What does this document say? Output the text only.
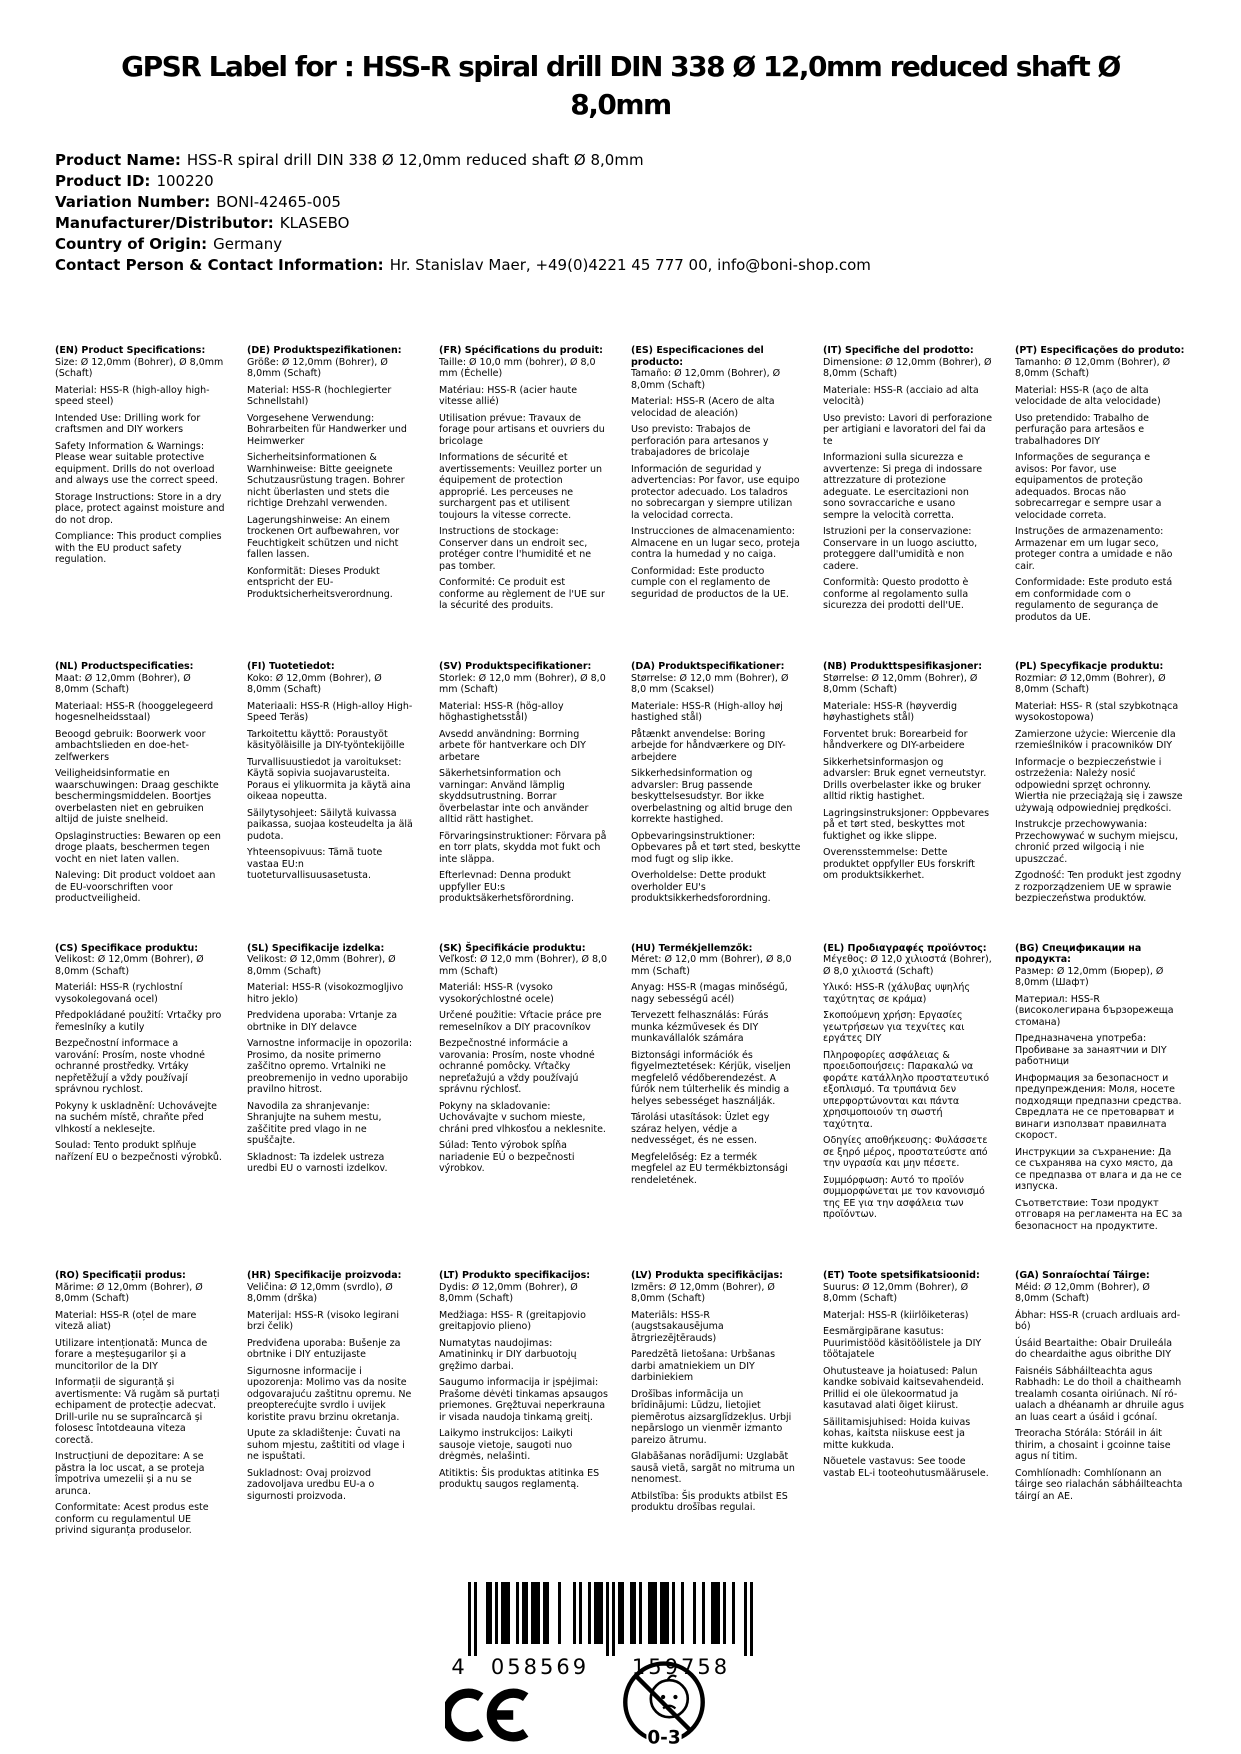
GPSR Label for : HSS-R spiral drill DIN 338 Ø 12,0mm reduced shaft Ø 8,0mm
Product Name: HSS-R spiral drill DIN 338 Ø 12,0mm reduced shaft Ø 8,0mm
Product ID: 100220
Variation Number: BONI-42465-005
Manufacturer/Distributor: KLASEBO
Country of Origin: Germany
Contact Person & Contact Information: Hr. Stanislav Maer, +49(0)4221 45 777 00, info@boni-shop.com
(EN) Product Specifications:

Size: Ø 12,0mm (Bohrer), Ø 8,0mm (Schaft)

Material: HSS-R (high-alloy high-speed steel)

Intended Use: Drilling work for craftsmen and DIY workers

Safety Information & Warnings: Please wear suitable protective equipment. Drills do not overload and always use the correct speed.

Storage Instructions: Store in a dry place, protect against moisture and do not drop.

Compliance: This product complies with the EU product safety regulation.

(DE) Produktspezifikationen:

Größe: Ø 12,0mm (Bohrer), Ø 8,0mm (Schaft)

Material: HSS-R (hochlegierter Schnellstahl)

Vorgesehene Verwendung: Bohrarbeiten für Handwerker und Heimwerker

Sicherheitsinformationen & Warnhinweise: Bitte geeignete Schutzausrüstung tragen. Bohrer nicht überlasten und stets die richtige Drehzahl verwenden.

Lagerungshinweise: An einem trockenen Ort aufbewahren, vor Feuchtigkeit schützen und nicht fallen lassen.

Konformität: Dieses Produkt entspricht der EU-Produktsicherheitsverordnung.

(FR) Spécifications du produit:

Taille: Ø 10,0 mm (bohrer), Ø 8,0 mm (Échelle)

Matériau: HSS-R (acier haute vitesse allié)

Utilisation prévue: Travaux de forage pour artisans et ouvriers du bricolage

Informations de sécurité et avertissements: Veuillez porter un équipement de protection approprié. Les perceuses ne surchargent pas et utilisent toujours la vitesse correcte.

Instructions de stockage: Conserver dans un endroit sec, protéger contre l'humidité et ne pas tomber.

Conformité: Ce produit est conforme au règlement de l'UE sur la sécurité des produits.

(ES) Especificaciones del producto:

Tamaño: Ø 12,0mm (Bohrer), Ø 8,0mm (Schaft)

Material: HSS-R (Acero de alta velocidad de aleación)

Uso previsto: Trabajos de perforación para artesanos y trabajadores de bricolaje

Información de seguridad y advertencias: Por favor, use equipo protector adecuado. Los taladros no sobrecargan y siempre utilizan la velocidad correcta.

Instrucciones de almacenamiento: Almacene en un lugar seco, proteja contra la humedad y no caiga.

Conformidad: Este producto cumple con el reglamento de seguridad de productos de la UE.

(IT) Specifiche del prodotto:

Dimensione: Ø 12,0mm (Bohrer), Ø 8,0mm (Schaft)

Materiale: HSS-R (acciaio ad alta velocità)

Uso previsto: Lavori di perforazione per artigiani e lavoratori del fai da te

Informazioni sulla sicurezza e avvertenze: Si prega di indossare attrezzature di protezione adeguate. Le esercitazioni non sono sovraccariche e usano sempre la velocità corretta.

Istruzioni per la conservazione: Conservare in un luogo asciutto, proteggere dall'umidità e non cadere.

Conformità: Questo prodotto è conforme al regolamento sulla sicurezza dei prodotti dell'UE.

(PT) Especificações do produto:

Tamanho: Ø 12,0mm (Bohrer), Ø 8,0mm (Schaft)

Material: HSS-R (aço de alta velocidade de alta velocidade)

Uso pretendido: Trabalho de perfuração para artesãos e trabalhadores DIY

Informações de segurança e avisos: Por favor, use equipamentos de proteção adequados. Brocas não sobrecarregar e sempre usar a velocidade correta.

Instruções de armazenamento: Armazenar em um lugar seco, proteger contra a umidade e não cair.

Conformidade: Este produto está em conformidade com o regulamento de segurança de produtos da UE.

(NL) Productspecificaties:

Maat: Ø 12,0mm (Bohrer), Ø 8,0mm (Schaft)

Materiaal: HSS-R (hooggelegeerd hogesnelheidsstaal)

Beoogd gebruik: Boorwerk voor ambachtslieden en doe-het-zelfwerkers

Veiligheidsinformatie en waarschuwingen: Draag geschikte beschermingsmiddelen. Boortjes overbelasten niet en gebruiken altijd de juiste snelheid.

Opslaginstructies: Bewaren op een droge plaats, beschermen tegen vocht en niet laten vallen.

Naleving: Dit product voldoet aan de EU-voorschriften voor productveiligheid.

(FI) Tuotetiedot:

Koko: Ø 12,0mm (Bohrer), Ø 8,0mm (Schaft)

Materiaali: HSS-R (High-alloy High-Speed Teräs)

Tarkoitettu käyttö: Poraustyöt käsityöläisille ja DIY-työntekijöille

Turvallisuustiedot ja varoitukset: Käytä sopivia suojavarusteita. Poraus ei ylikuormita ja käytä aina oikeaa nopeutta.

Säilytysohjeet: Säilytä kuivassa paikassa, suojaa kosteudelta ja älä pudota.

Yhteensopivuus: Tämä tuote vastaa EU:n tuoteturvallisuusasetusta.

(SV) Produktspecifikationer:

Storlek: Ø 12,0 mm (Bohrer), Ø 8,0 mm (Schaft)

Material: HSS-R (hög-alloy höghastighetsstål)

Avsedd användning: Borrning arbete för hantverkare och DIY arbetare

Säkerhetsinformation och varningar: Använd lämplig skyddsutrustning. Borrar överbelastar inte och använder alltid rätt hastighet.

Förvaringsinstruktioner: Förvara på en torr plats, skydda mot fukt och inte släppa.

Efterlevnad: Denna produkt uppfyller EU:s produktsäkerhetsförordning.

(DA) Produktspecifikationer:

Størrelse: Ø 12,0 mm (Bohrer), Ø 8,0 mm (Scaksel)

Materiale: HSS-R (High-alloy høj hastighed stål)

Påtænkt anvendelse: Boring arbejde for håndværkere og DIY-arbejdere

Sikkerhedsinformation og advarsler: Brug passende beskyttelsesudstyr. Bor ikke overbelastning og altid bruge den korrekte hastighed.

Opbevaringsinstruktioner: Opbevares på et tørt sted, beskytte mod fugt og slip ikke.

Overholdelse: Dette produkt overholder EU's produktsikkerhedsforordning.

(NB) Produkttspesifikasjoner:

Størrelse: Ø 12,0mm (Bohrer), Ø 8,0mm (Schaft)

Materiale: HSS-R (høyverdig høyhastighets stål)

Forventet bruk: Borearbeid for håndverkere og DIY-arbeidere

Sikkerhetsinformasjon og advarsler: Bruk egnet verneutstyr. Drills overbelaster ikke og bruker alltid riktig hastighet.

Lagringsinstruksjoner: Oppbevares på et tørt sted, beskyttes mot fuktighet og ikke slippe.

Overensstemmelse: Dette produktet oppfyller EUs forskrift om produktsikkerhet.

(PL) Specyfikacje produktu:

Rozmiar: Ø 12,0mm (Bohrer), Ø 8,0mm (Schaft)

Materiał: HSS- R (stal szybkotnąca wysokostopowa)

Zamierzone użycie: Wiercenie dla rzemieślników i pracowników DIY

Informacje o bezpieczeństwie i ostrzeżenia: Należy nosić odpowiedni sprzęt ochronny. Wiertła nie przeciążają się i zawsze używają odpowiedniej prędkości.

Instrukcje przechowywania: Przechowywać w suchym miejscu, chronić przed wilgocią i nie upuszczać.

Zgodność: Ten produkt jest zgodny z rozporządzeniem UE w sprawie bezpieczeństwa produktów.

(CS) Specifikace produktu:

Velikost: Ø 12,0mm (Bohrer), Ø 8,0mm (Schaft)

Materiál: HSS-R (rychlostní vysokolegovaná ocel)

Předpokládané použití: Vrtačky pro řemeslníky a kutily

Bezpečnostní informace a varování: Prosím, noste vhodné ochranné prostředky. Vrtáky nepřetěžují a vždy používají správnou rychlost.

Pokyny k uskladnění: Uchovávejte na suchém místě, chraňte před vlhkostí a neklesejte.

Soulad: Tento produkt splňuje nařízení EU o bezpečnosti výrobků.

(SL) Specifikacije izdelka:

Velikost: Ø 12,0mm (Bohrer), Ø 8,0mm (Schaft)

Material: HSS-R (visokozmogljivo hitro jeklo)

Predvidena uporaba: Vrtanje za obrtnike in DIY delavce

Varnostne informacije in opozorila: Prosimo, da nosite primerno zaščitno opremo. Vrtalniki ne preobremenijo in vedno uporabijo pravilno hitrost.

Navodila za shranjevanje: Shranjujte na suhem mestu, zaščitite pred vlago in ne spuščajte.

Skladnost: Ta izdelek ustreza uredbi EU o varnosti izdelkov.

(SK) Špecifikácie produktu:

Veľkosť: Ø 12,0 mm (Bohrer), Ø 8,0 mm (Schaft)

Materiál: HSS-R (vysoko vysokorýchlostné ocele)

Určené použitie: Vŕtacie práce pre remeselníkov a DIY pracovníkov

Bezpečnostné informácie a varovania: Prosím, noste vhodné ochranné pomôcky. Vŕtačky nepreťažujú a vždy používajú správnu rýchlosť.

Pokyny na skladovanie: Uchovávajte v suchom mieste, chráni pred vlhkosťou a neklesnite.

Súlad: Tento výrobok spĺňa nariadenie EÚ o bezpečnosti výrobkov.

(HU) Termékjellemzők:

Méret: Ø 12,0 mm (Bohrer), Ø 8,0 mm (Schaft)

Anyag: HSS-R (magas minőségű, nagy sebességű acél)

Tervezett felhasználás: Fúrás munka kézművesek és DIY munkavállalók számára

Biztonsági információk és figyelmeztetések: Kérjük, viseljen megfelelő védőberendezést. A fúrók nem túlterhelik és mindig a helyes sebességet használják.

Tárolási utasítások: Üzlet egy száraz helyen, védje a nedvességet, és ne essen.

Megfelelőség: Ez a termék megfelel az EU termékbiztonsági rendeletének.

(EL) Προδιαγραφές προϊόντος:

Μέγεθος: Ø 12,0 χιλιοστά (Bohrer), Ø 8,0 χιλιοστά (Schaft)

Υλικό: HSS-R (χάλυβας υψηλής ταχύτητας σε κράμα)

Σκοπούμενη χρήση: Εργασίες γεωτρήσεων για τεχνίτες και εργάτες DIY

Πληροφορίες ασφάλειας & προειδοποιήσεις: Παρακαλώ να φοράτε κατάλληλο προστατευτικό εξοπλισμό. Τα τρυπάνια δεν υπερφορτώνονται και πάντα χρησιμοποιούν τη σωστή ταχύτητα.

Οδηγίες αποθήκευσης: Φυλάσσετε σε ξηρό μέρος, προστατεύστε από την υγρασία και μην πέσετε.

Συμμόρφωση: Αυτό το προϊόν συμμορφώνεται με τον κανονισμό της ΕΕ για την ασφάλεια των προϊόντων.

(BG) Спецификации на продукта:

Размер: Ø 12,0mm (Бюрер), Ø 8,0mm (Шафт)

Материал: HSS-R (високолегирана бързорежеща стомана)

Предназначена употреба: Пробиване за занаятчии и DIY работници

Информация за безопасност и предупреждения: Моля, носете подходящи предпазни средства. Свредлата не се претоварват и винаги използват правилната скорост.

Инструкции за съхранение: Да се съхранява на сухо място, да се предпазва от влага и да не се изпуска.

Съответствие: Този продукт отговаря на регламента на ЕС за безопасност на продуктите.

(RO) Specificații produs:

Mărime: Ø 12,0mm (Bohrer), Ø 8,0mm (Schaft)

Material: HSS-R (oțel de mare viteză aliat)

Utilizare intenționată: Munca de forare a meșteșugarilor și a muncitorilor de la DIY

Informații de siguranță și avertismente: Vă rugăm să purtați echipament de protecție adecvat. Drill-urile nu se supraîncarcă și folosesc întotdeauna viteza corectă.

Instrucțiuni de depozitare: A se păstra la loc uscat, a se proteja împotriva umezelii și a nu se arunca.

Conformitate: Acest produs este conform cu regulamentul UE privind siguranța produselor.

(HR) Specifikacije proizvoda:

Veličina: Ø 12,0mm (svrdlo), Ø 8,0mm (drška)

Materijal: HSS-R (visoko legirani brzi čelik)

Predviđena uporaba: Bušenje za obrtnike i DIY entuzijaste

Sigurnosne informacije i upozorenja: Molimo vas da nosite odgovarajuću zaštitnu opremu. Ne preopterećujte svrdlo i uvijek koristite pravu brzinu okretanja.

Upute za skladištenje: Čuvati na suhom mjestu, zaštititi od vlage i ne ispuštati.

Sukladnost: Ovaj proizvod zadovoljava uredbu EU-a o sigurnosti proizvoda.

(LT) Produkto specifikacijos:

Dydis: Ø 12,0mm (Bohrer), Ø 8,0mm (Schaft)

Medžiaga: HSS- R (greitapjovio greitapjovio plieno)

Numatytas naudojimas: Amatininkų ir DIY darbuotojų gręžimo darbai.

Saugumo informacija ir įspėjimai: Prašome dėvėti tinkamas apsaugos priemones. Gręžtuvai neperkrauna ir visada naudoja tinkamą greitį.

Laikymo instrukcijos: Laikyti sausoje vietoje, saugoti nuo drėgmės, nelašinti.

Atitiktis: Šis produktas atitinka ES produktų saugos reglamentą.

(LV) Produkta specifikācijas:

Izmērs: Ø 12,0mm (Bohrer), Ø 8,0mm (Schaft)

Materiāls: HSS-R (augstsakausējuma ātrgriezējtērauds)

Paredzētā lietošana: Urbšanas darbi amatniekiem un DIY darbiniekiem

Drošības informācija un brīdinājumi: Lūdzu, lietojiet piemērotus aizsarglīdzekļus. Urbji nepārslogo un vienmēr izmanto pareizo ātrumu.

Glabāšanas norādījumi: Uzglabāt sausā vietā, sargāt no mitruma un nenomest.

Atbilstība: Šis produkts atbilst ES produktu drošības regulai.

(ET) Toote spetsifikatsioonid:

Suurus: Ø 12,0mm (Bohrer), Ø 8,0mm (Schaft)

Materjal: HSS-R (kiirlõiketeras)

Eesmärgipärane kasutus: Puurimistööd käsitöölistele ja DIY töötajatele

Ohutusteave ja hoiatused: Palun kandke sobivaid kaitsevahendeid. Prillid ei ole ülekoormatud ja kasutavad alati õiget kiirust.

Säilitamisjuhised: Hoida kuivas kohas, kaitsta niiskuse eest ja mitte kukkuda.

Nõuetele vastavus: See toode vastab EL-i tooteohutusmäärusele.

(GA) Sonraíochtaí Táirge:

Méid: Ø 12,0mm (Bohrer), Ø 8,0mm (Schaft)

Ábhar: HSS-R (cruach ardluais ard-bó)

Úsáid Beartaithe: Obair Druileála do cheardaithe agus oibrithe DIY

Faisnéis Sábháilteachta agus Rabhadh: Le do thoil a chaitheamh trealamh cosanta oiriúnach. Ní ró-ualach a dhéanamh ar dhruile agus an luas ceart a úsáid i gcónaí.

Treoracha Stórála: Stóráil in áit thirim, a chosaint i gcoinne taise agus ní titim.

Comhlíonadh: Comhlíonann an táirge seo rialachán sábháilteachta táirgí an AE.

4 058569 159758
0-3
